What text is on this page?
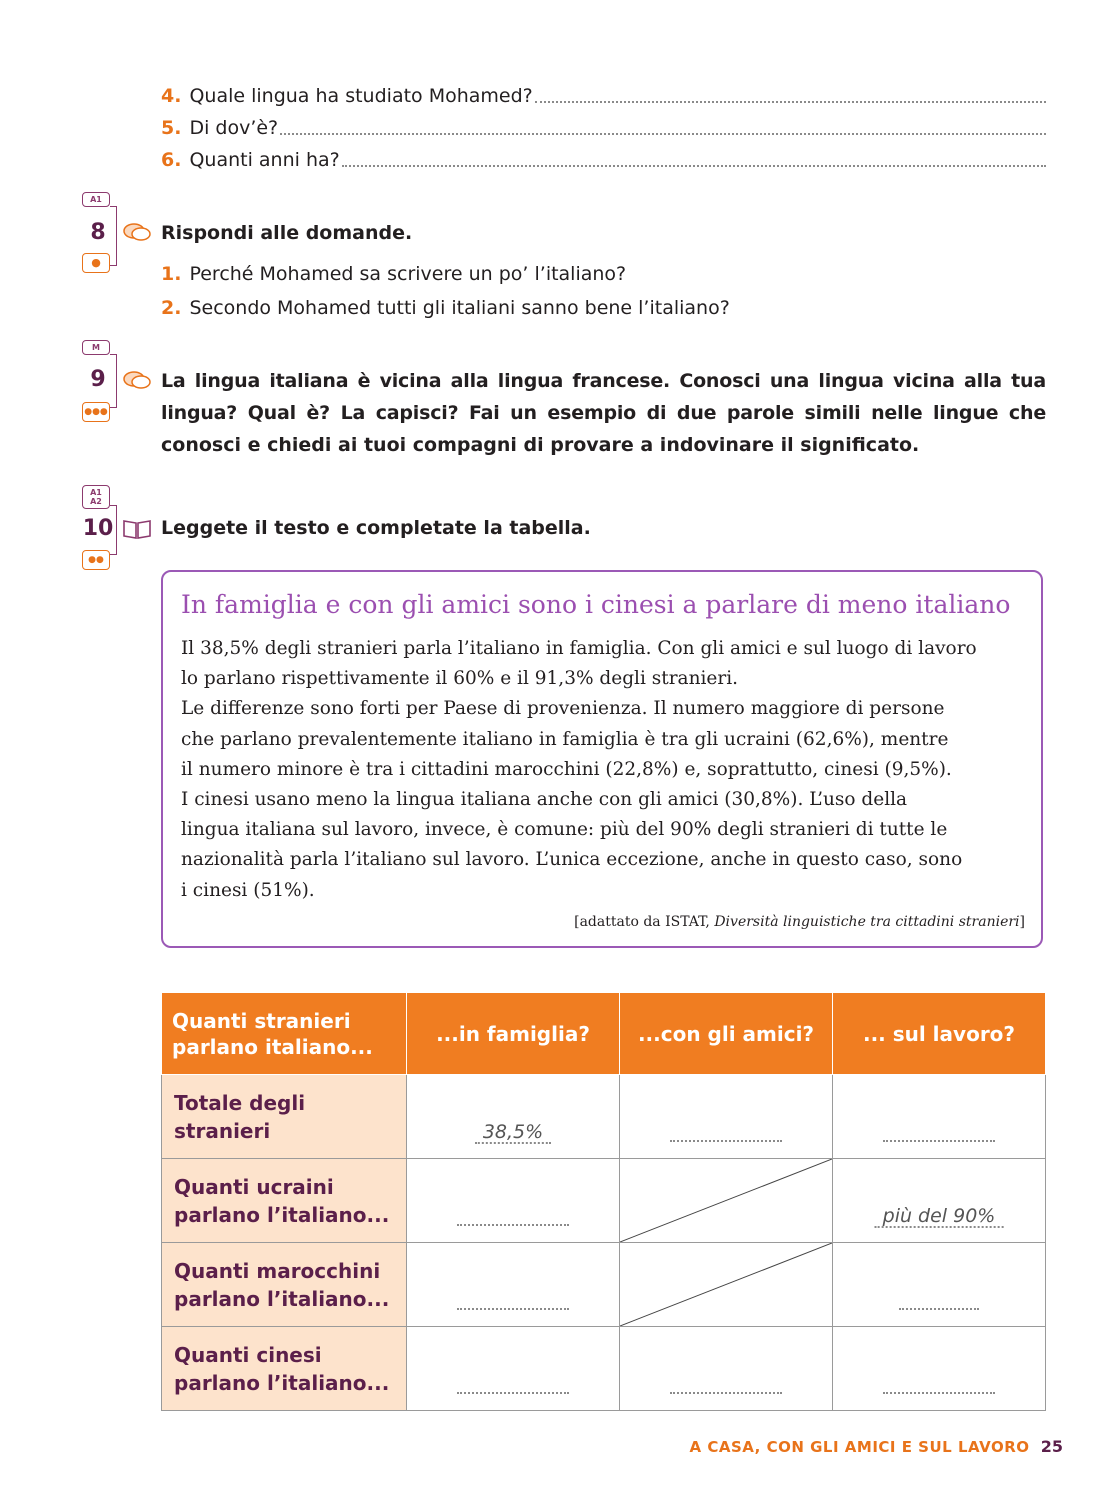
4. Quale lingua ha studiato Mohamed?
5. Di dov’è?
6. Quanti anni ha?
A1
8
●
Rispondi alle domande.
1. Perché Mohamed sa scrivere un po’ l’italiano?
2. Secondo Mohamed tutti gli italiani sanno bene l’italiano?
M
9
●●●
La lingua italiana è vicina alla lingua francese. Conosci una lingua vicina alla tua
lingua? Qual è? La capisci? Fai un esempio di due parole simili nelle lingue che
conosci e chiedi ai tuoi compagni di provare a indovinare il significato.
A1
A2
10
●●
Leggete il testo e completate la tabella.
In famiglia e con gli amici sono i cinesi a parlare di meno italiano

Il 38,5% degli stranieri parla l’italiano in famiglia. Con gli amici e sul luogo di lavoro

lo parlano rispettivamente il 60% e il 91,3% degli stranieri.

Le differenze sono forti per Paese di provenienza. Il numero maggiore di persone

che parlano prevalentemente italiano in famiglia è tra gli ucraini (62,6%), mentre

il numero minore è tra i cittadini marocchini (22,8%) e, soprattutto, cinesi (9,5%).

I cinesi usano meno la lingua italiana anche con gli amici (30,8%). L’uso della

lingua italiana sul lavoro, invece, è comune: più del 90% degli stranieri di tutte le

nazionalità parla l’italiano sul lavoro. L’unica eccezione, anche in questo caso, sono

i cinesi (51%).

[adattato da ISTAT, Diversità linguistiche tra cittadini stranieri]
Quanti stranieri parlano italiano...	...in famiglia?	...con gli amici?	... sul lavoro?
Totale degli stranieri	38,5%		

Quanti ucraini parlano l’italiano...			più del 90%

Quanti marocchini parlano l’italiano...	

Quanti cinesi parlano l’italiano...	

A CASA, CON GLI AMICI E SUL LAVORO 25
